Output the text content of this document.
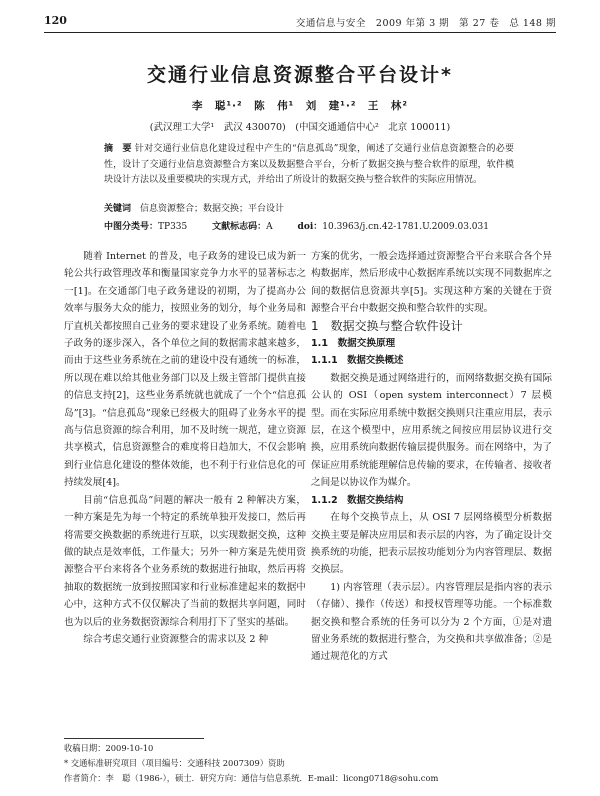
120	交通信息与安全　2009 年第 3 期　第 27 卷　总 148 期
交通行业信息资源整合平台设计*
李　聪¹·²　陈　伟¹　刘　建¹·²　王　林²
(武汉理工大学¹　武汉 430070)　(中国交通通信中心²　北京 100011)
摘　要 针对交通行业信息化建设过程中产生的“信息孤岛”现象，阐述了交通行业信息资源整合的必要性，设计了交通行业信息资源整合方案以及数据整合平台，分析了数据交换与整合软件的原理，软件模块设计方法以及重要模块的实现方式，并给出了所设计的数据交换与整合软件的实际应用情况。
关键词　 信息资源整合；数据交换；平台设计
中图分类号：TP335	文献标志码：A	doi：10.3963/j.cn.42-1781.U.2009.03.031

随着 Internet 的普及，电子政务的建设已成为新一轮公共行政管理改革和衡量国家竞争力水平的显著标志之一[1]。在交通部门电子政务建设的初期，为了提高办公效率与服务大众的能力，按照业务的划分，每个业务局和厅直机关都按照自己业务的要求建设了业务系统。随着电子政务的逐步深入，各个单位之间的数据需求越来越多，而由于这些业务系统在之前的建设中没有通统一的标准，所以现在难以给其他业务部门以及上级主管部门提供直接的信息支持[2]，这些业务系统就也就成了一个个“信息孤岛”[3]。“信息孤岛”现象已经极大的阻碍了业务水平的提高与信息资源的综合利用，加不及时统一规范，建立资源共享模式，信息资源整合的难度将日趋加大，不仅会影响到行业信息化建设的整体效能，也不利于行业信息化的可持续发展[4]。

目前“信息孤岛”问题的解决一般有 2 种解决方案，一种方案是先为每一个特定的系统单独开发接口，然后再将需要交换数据的系统进行互联，以实现数据交换，这种做的缺点是效率低，工作量大；另外一种方案是先使用资源整合平台来将各个业务系统的数据进行抽取，然后再将抽取的数据统一放到按照国家和行业标准建起来的数据中心中，这种方式不仅仅解决了当前的数据共享问题，同时也为以后的业务数据资源综合利用打下了坚实的基础。

综合考虑交通行业资源整合的需求以及 2 种

方案的优劣，一般会选择通过资源整合平台来联合各个异构数据库，然后形成中心数据库系统以实现不同数据库之间的数据信息资源共享[5]。实现这种方案的关键在于资源整合平台中数据交换和整合软件的实现。

1　数据交换与整合软件设计

1.1　数据交换原理

1.1.1　数据交换概述

数据交换是通过网络进行的，而网络数据交换有国际公认的 OSI（open system interconnect）7 层模型。而在实际应用系统中数据交换则只注重应用层，表示层，在这个模型中，应用系统之间按应用层协议进行交换，应用系统向数据传输层提供服务。而在网络中，为了保证应用系统能理解信息传输的要求，在传输者、接收者之间是以协议作为媒介。

1.1.2　数据交换结构

在每个交换节点上，从 OSI 7 层网络模型分析数据交换主要是解决应用层和表示层的内容，为了确定设计交换系统的功能，把表示层按功能划分为内容管理层、数据交换层。

1) 内容管理（表示层）。内容管理层是指内容的表示（存储）、操作（传送）和授权管理等功能。一个标准数据交换和整合系统的任务可以分为 2 个方面，①是对遗留业务系统的数据进行整合，为交换和共享做准备；②是通过规范化的方式

收稿日期：2009-10-10
* 交通标准研究项目（项目编号：交通科技 2007309）资助
作者简介：李　聪（1986-），硕士．研究方向：通信与信息系统．E-mail：licong0718@sohu.com
